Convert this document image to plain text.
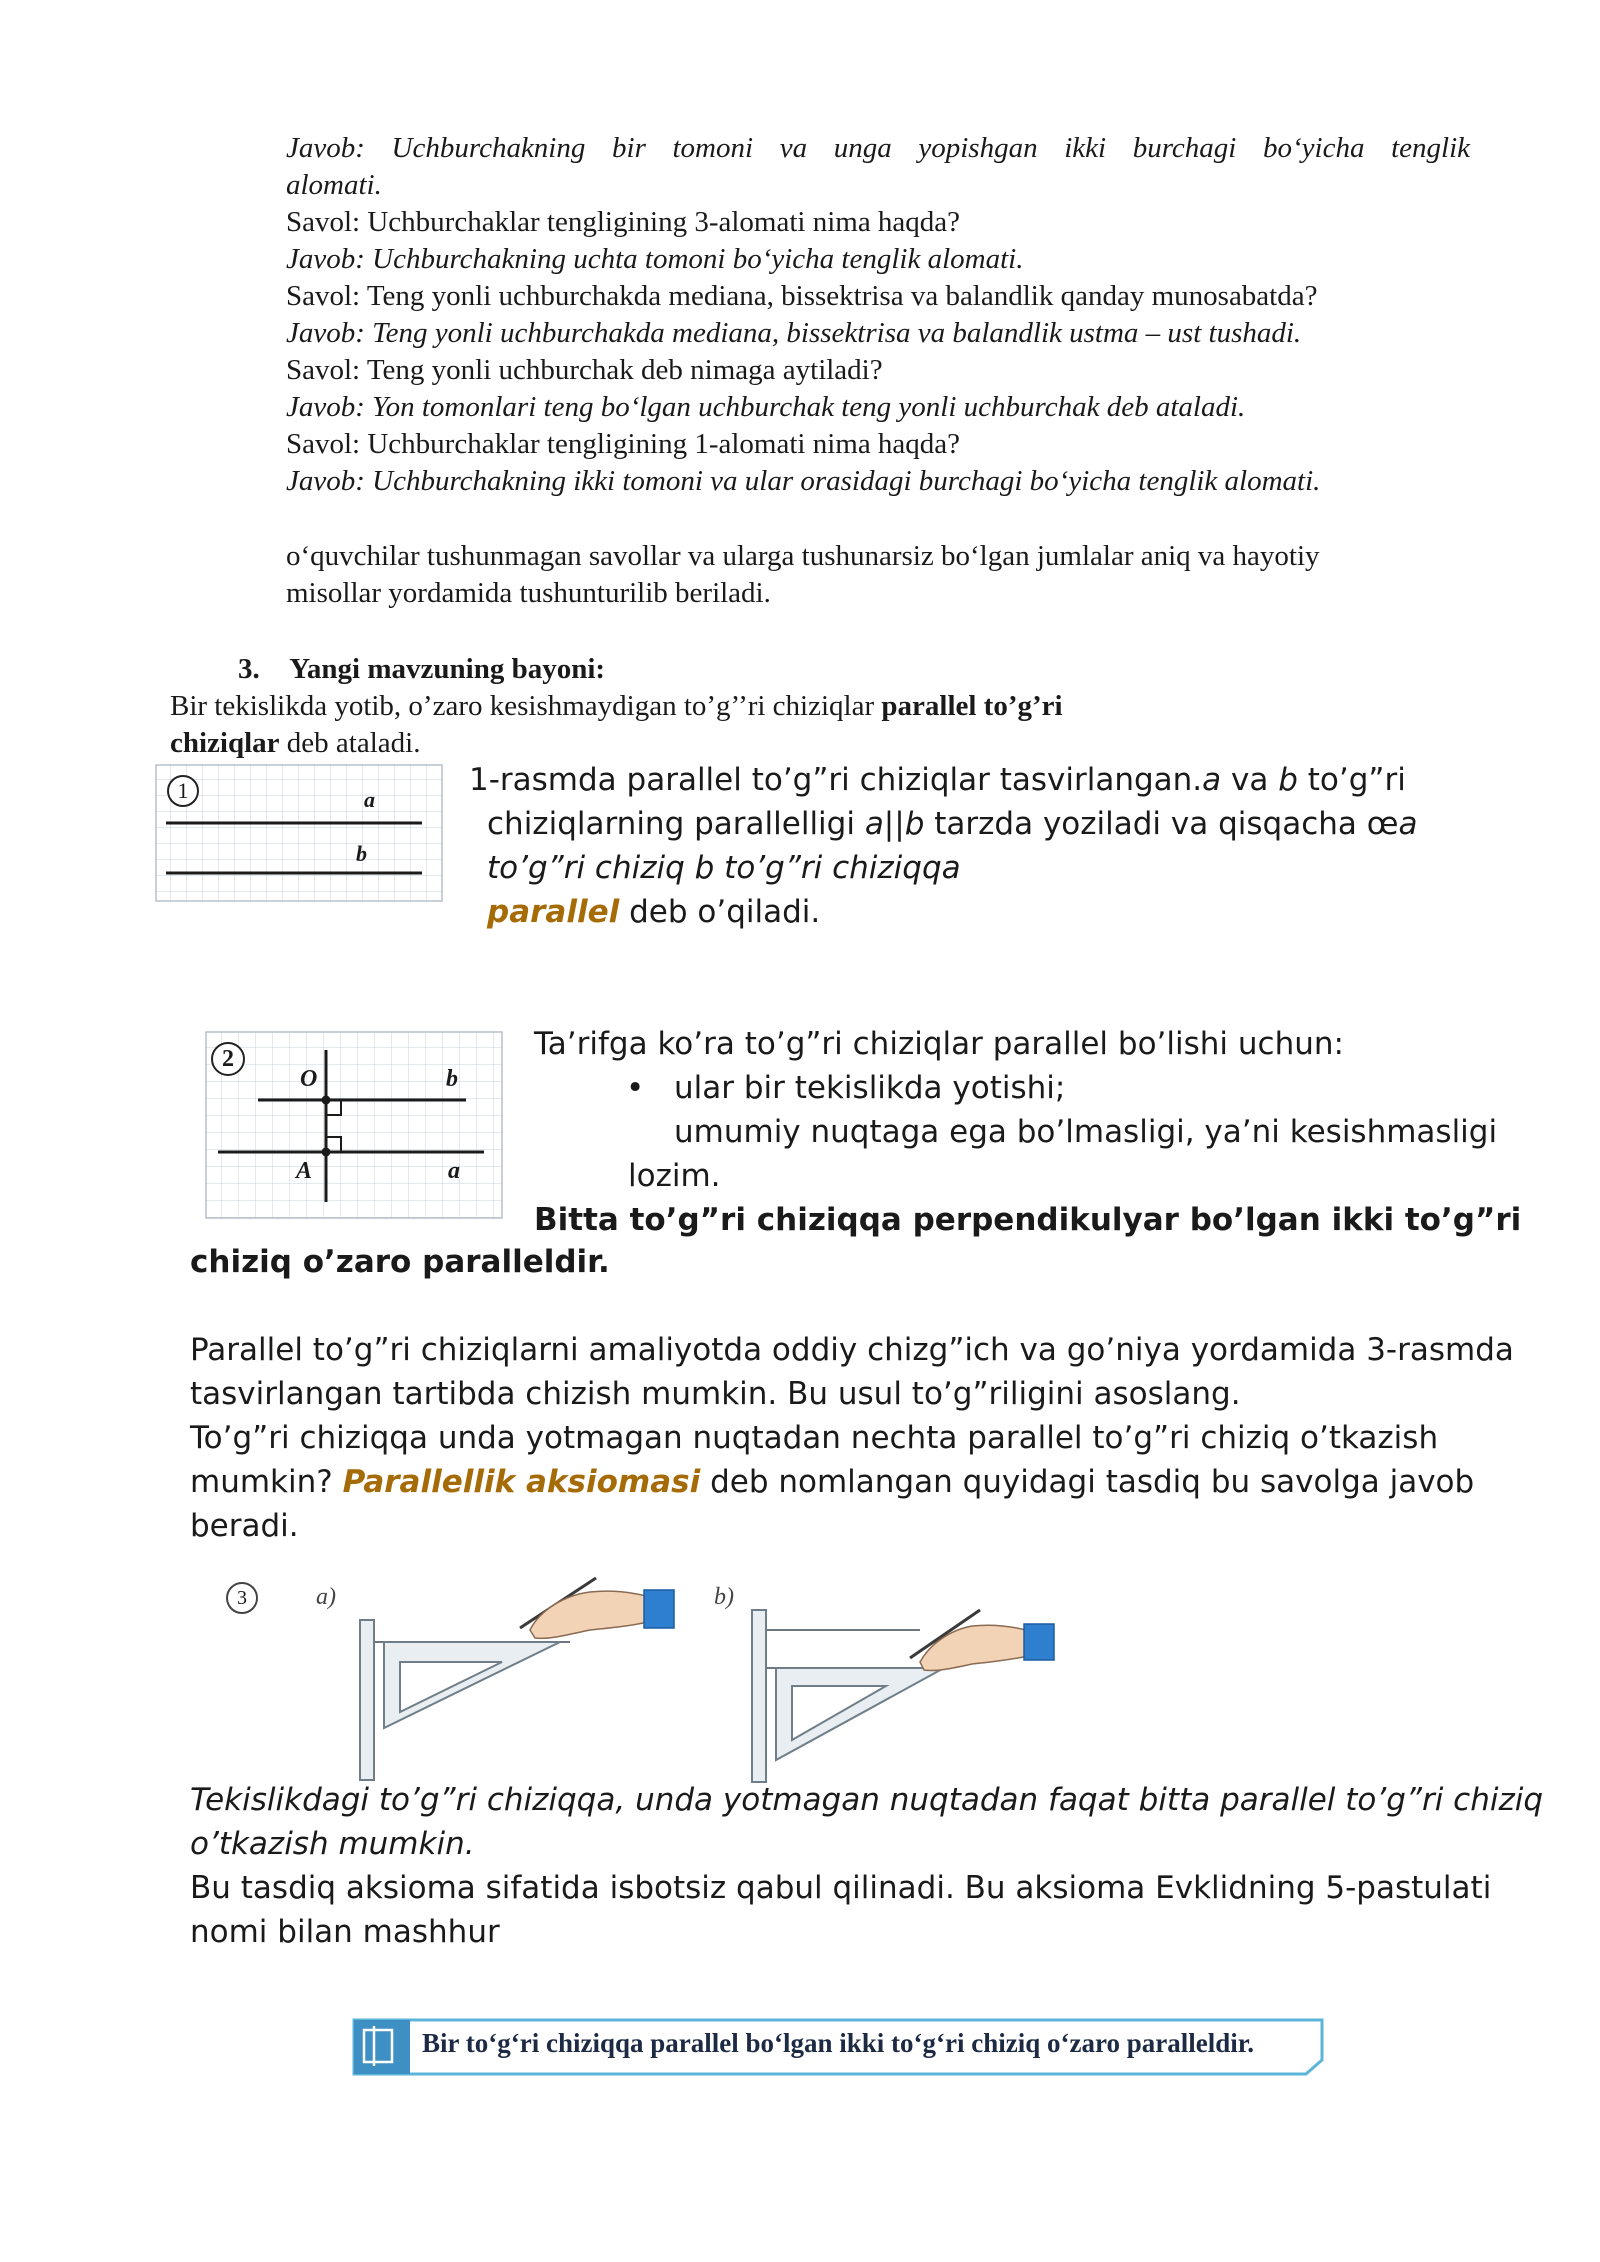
Javob: Uchburchakning bir tomoni va unga yopishgan ikki burchagi bo‘yicha tenglik
alomati.
Savol: Uchburchaklar tengligining 3-alomati nima haqda?
Javob: Uchburchakning uchta tomoni bo‘yicha tenglik alomati.
Savol: Teng yonli uchburchakda mediana, bissektrisa va balandlik qanday munosabatda?
Javob: Teng yonli uchburchakda mediana, bissektrisa va balandlik ustma – ust tushadi.
Savol: Teng yonli uchburchak deb nimaga aytiladi?
Javob: Yon tomonlari teng bo‘lgan uchburchak teng yonli uchburchak deb ataladi.
Savol: Uchburchaklar tengligining 1-alomati nima haqda?
Javob: Uchburchakning ikki tomoni va ular orasidagi burchagi bo‘yicha tenglik alomati.
o‘quvchilar tushunmagan savollar va ularga tushunarsiz bo‘lgan jumlalar aniq va hayotiy
misollar yordamida tushunturilib beriladi.
3. Yangi mavzuning bayoni:
Bir tekislikda yotib, o’zaro kesishmaydigan to’g’’ri chiziqlar parallel to’g’ri
chiziqlar deb ataladi.
1	a
b
1-rasmda parallel to’g”ri chiziqlar tasvirlangan.a va b to’g”ri
chiziqlarning parallelligi a||b tarzda yoziladi va qisqacha œa
to’g”ri chiziq b to’g”ri chiziqqa
parallel deb o’qiladi.
2
O	b
A	a
Ta’rifga ko’ra to’g”ri chiziqlar parallel bo’lishi uchun:
• ular bir tekislikda yotishi;
umumiy nuqtaga ega bo’lmasligi, ya’ni kesishmasligi
lozim.
Bitta to’g”ri chiziqqa perpendikulyar bo’lgan ikki to’g”ri
chiziq o’zaro paralleldir.
Parallel to’g”ri chiziqlarni amaliyotda oddiy chizg”ich va go’niya yordamida 3-rasmda
tasvirlangan tartibda chizish mumkin. Bu usul to’g”riligini asoslang.
To’g”ri chiziqqa unda yotmagan nuqtadan nechta parallel to’g”ri chiziq o’tkazish
mumkin? Parallellik aksiomasi deb nomlangan quyidagi tasdiq bu savolga javob
beradi.
3	a)	b)
Tekislikdagi to’g”ri chiziqqa, unda yotmagan nuqtadan faqat bitta parallel to’g”ri chiziq
o’tkazish mumkin.
Bu tasdiq aksioma sifatida isbotsiz qabul qilinadi. Bu aksioma Evklidning 5-pastulati
nomi bilan mashhur
Bir to‘g‘ri chiziqqa parallel bo‘lgan ikki to‘g‘ri chiziq o‘zaro paralleldir.
